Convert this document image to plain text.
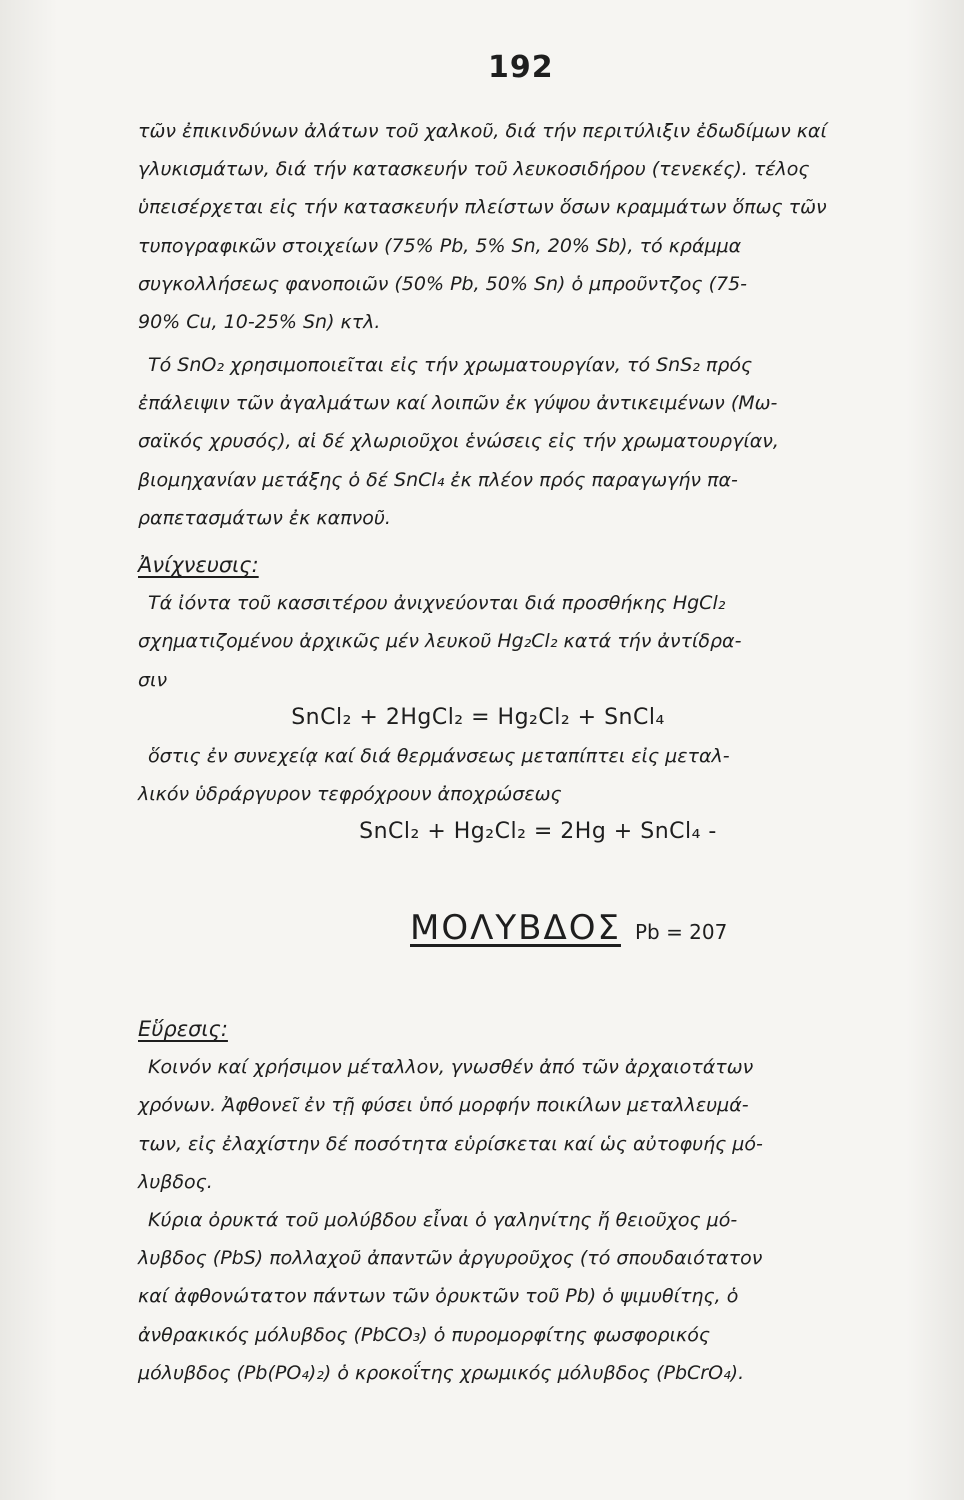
192
τῶν ἐπικινδύνων ἀλάτων τοῦ χαλκοῦ, διά τήν περιτύλιξιν ἐδωδίμων καί
γλυκισμάτων, διά τήν κατασκευήν τοῦ λευκοσιδήρου (τενεκές). τέλος
ὑπεισέρχεται εἰς τήν κατασκευήν πλείστων ὅσων κραμμάτων ὅπως τῶν
τυπογραφικῶν στοιχείων (75% Pb, 5% Sn, 20% Sb), τό κράμμα
συγκολλήσεως φανοποιῶν (50% Pb, 50% Sn) ὁ μπροῦντζος (75-
90% Cu, 10-25% Sn) κτλ.
Τό SnO₂ χρησιμοποιεῖται εἰς τήν χρωματουργίαν, τό SnS₂ πρός
ἐπάλειψιν τῶν ἀγαλμάτων καί λοιπῶν ἐκ γύψου ἀντικειμένων (Μω-
σαϊκός χρυσός), αἱ δέ χλωριοῦχοι ἑνώσεις εἰς τήν χρωματουργίαν,
βιομηχανίαν μετάξης ὁ δέ SnCl₄ ἐκ πλέον πρός παραγωγήν πα-
ραπετασμάτων ἐκ καπνοῦ.
Ἀνίχνευσις:
Τά ἰόντα τοῦ κασσιτέρου ἀνιχνεύονται διά προσθήκης HgCl₂
σχηματιζομένου ἀρχικῶς μέν λευκοῦ Hg₂Cl₂ κατά τήν ἀντίδρα-
σιν
SnCl₂ + 2HgCl₂ = Hg₂Cl₂ + SnCl₄
ὅστις ἐν συνεχείᾳ καί διά θερμάνσεως μεταπίπτει εἰς μεταλ-
λικόν ὑδράργυρον τεφρόχρουν ἀποχρώσεως
SnCl₂ + Hg₂Cl₂ = 2Hg + SnCl₄ -
ΜΟΛΥΒΔΟΣ Pb = 207
Εὕρεσις:
Κοινόν καί χρήσιμον μέταλλον, γνωσθέν ἀπό τῶν ἀρχαιοτάτων
χρόνων. Ἀφθονεῖ ἐν τῇ φύσει ὑπό μορφήν ποικίλων μεταλλευμά-
των, εἰς ἐλαχίστην δέ ποσότητα εὑρίσκεται καί ὡς αὐτοφυής μό-
λυβδος.
Κύρια ὀρυκτά τοῦ μολύβδου εἶναι ὁ γαληνίτης ἤ θειοῦχος μό-
λυβδος (PbS) πολλαχοῦ ἀπαντῶν ἀργυροῦχος (τό σπουδαιότατον
καί ἀφθονώτατον πάντων τῶν ὀρυκτῶν τοῦ Pb) ὁ ψιμυθίτης, ὁ
ἀνθρακικός μόλυβδος (PbCO₃) ὁ πυρομορφίτης φωσφορικός
μόλυβδος (Pb(PO₄)₂) ὁ κροκοΐτης χρωμικός μόλυβδος (PbCrO₄).
